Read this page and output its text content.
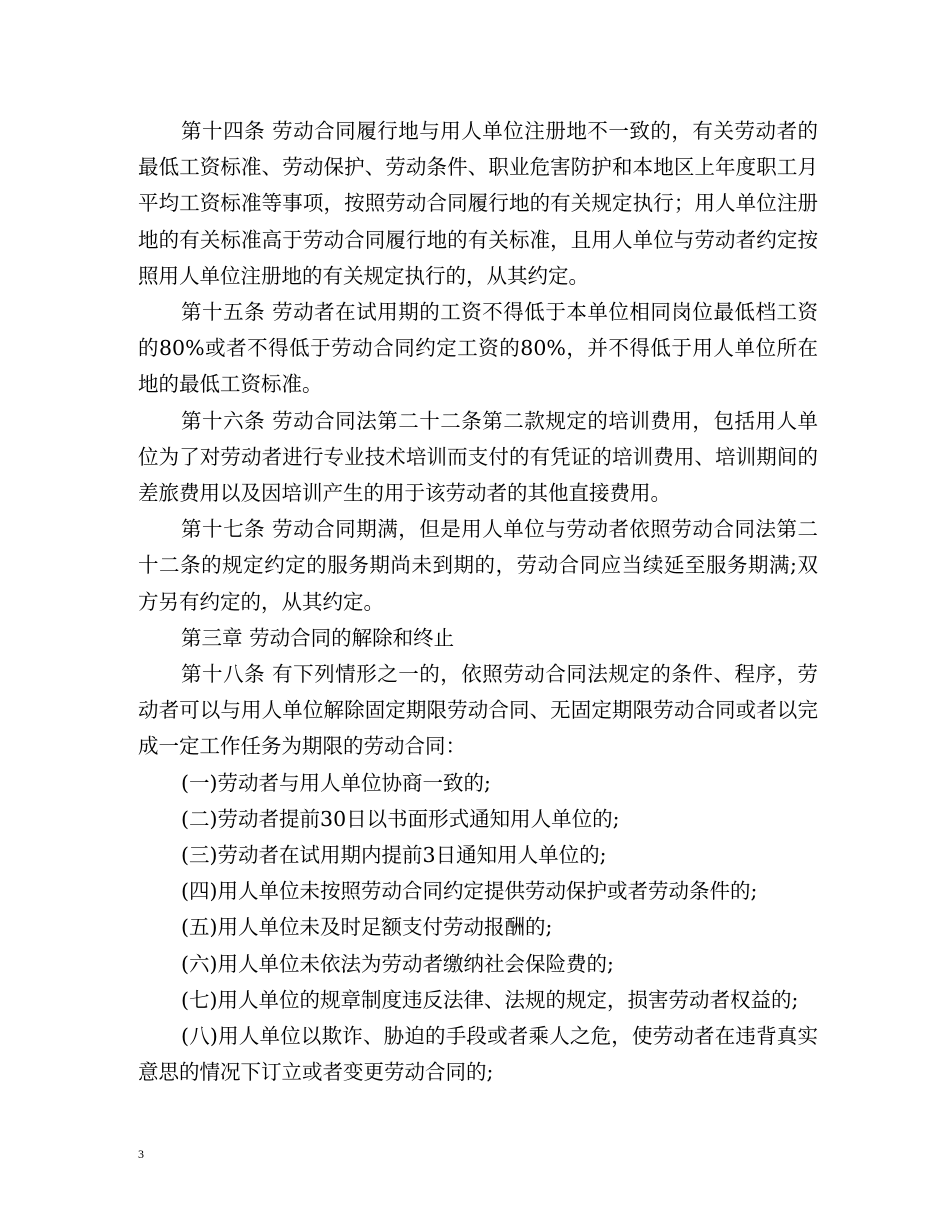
第十四条 劳动合同履行地与用人单位注册地不一致的，有关劳动者的最低工资标准、劳动保护、劳动条件、职业危害防护和本地区上年度职工月平均工资标准等事项，按照劳动合同履行地的有关规定执行；用人单位注册地的有关标准高于劳动合同履行地的有关标准，且用人单位与劳动者约定按照用人单位注册地的有关规定执行的，从其约定。

第十五条 劳动者在试用期的工资不得低于本单位相同岗位最低档工资的80%或者不得低于劳动合同约定工资的80%，并不得低于用人单位所在地的最低工资标准。

第十六条 劳动合同法第二十二条第二款规定的培训费用，包括用人单位为了对劳动者进行专业技术培训而支付的有凭证的培训费用、培训期间的差旅费用以及因培训产生的用于该劳动者的其他直接费用。

第十七条 劳动合同期满，但是用人单位与劳动者依照劳动合同法第二十二条的规定约定的服务期尚未到期的，劳动合同应当续延至服务期满;双方另有约定的，从其约定。

第三章 劳动合同的解除和终止

第十八条 有下列情形之一的，依照劳动合同法规定的条件、程序，劳动者可以与用人单位解除固定期限劳动合同、无固定期限劳动合同或者以完成一定工作任务为期限的劳动合同：

(一)劳动者与用人单位协商一致的;

(二)劳动者提前30日以书面形式通知用人单位的;

(三)劳动者在试用期内提前3日通知用人单位的;

(四)用人单位未按照劳动合同约定提供劳动保护或者劳动条件的;

(五)用人单位未及时足额支付劳动报酬的;

(六)用人单位未依法为劳动者缴纳社会保险费的;

(七)用人单位的规章制度违反法律、法规的规定，损害劳动者权益的;

(八)用人单位以欺诈、胁迫的手段或者乘人之危，使劳动者在违背真实意思的情况下订立或者变更劳动合同的;

3
